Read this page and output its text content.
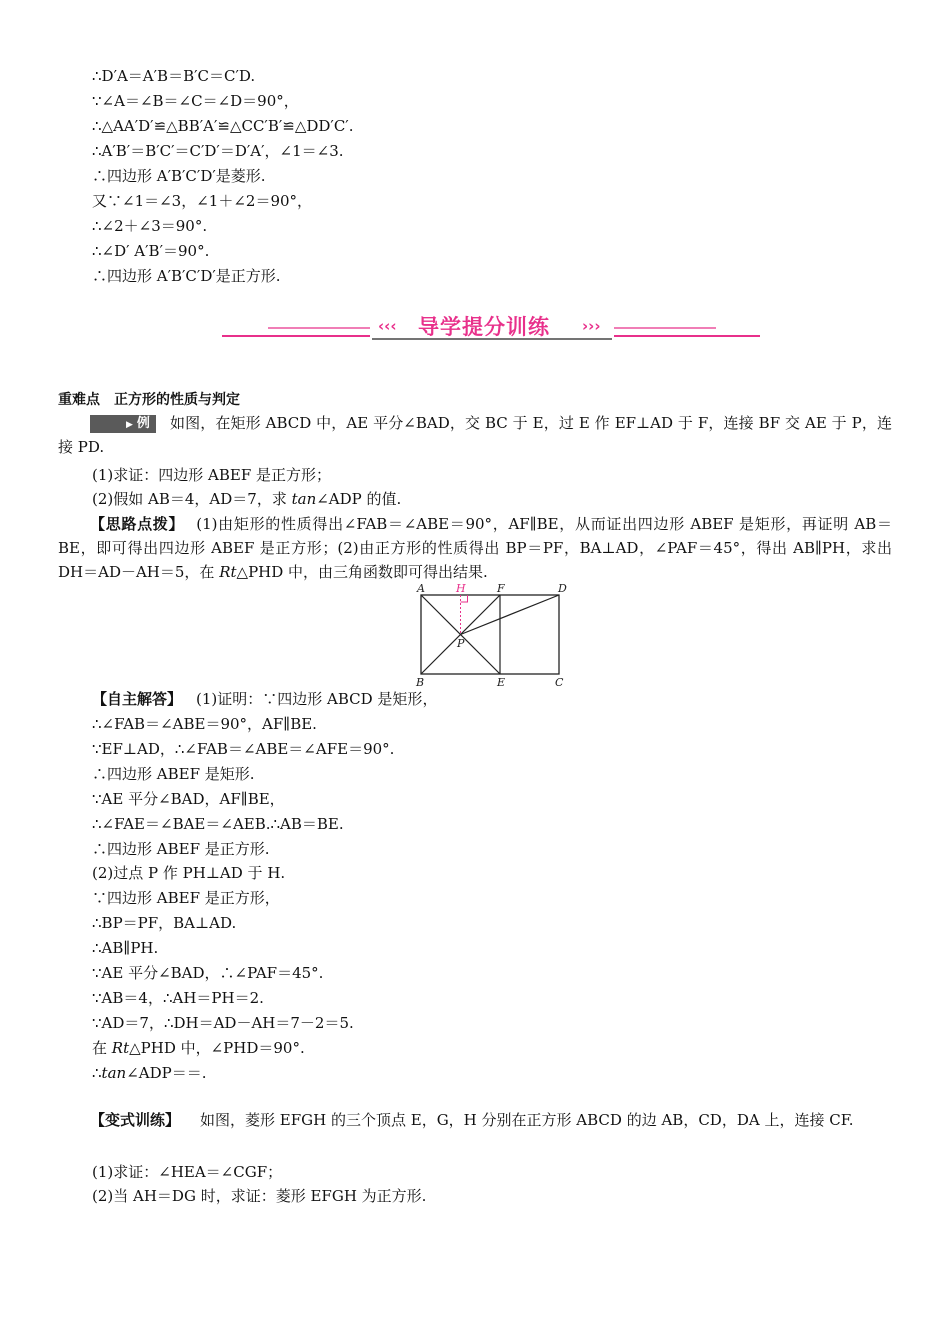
∴D′A＝A′B＝B′C＝C′D.
∵∠A＝∠B＝∠C＝∠D＝90°，
∴△AA′D′≌△BB′A′≌△CC′B′≌△DD′C′.
∴A′B′＝B′C′＝C′D′＝D′A′，∠1＝∠3.
∴四边形 A′B′C′D′是菱形.
又∵∠1＝∠3，∠1＋∠2＝90°，
∴∠2＋∠3＝90°.
∴∠D′ A′B′＝90°.
∴四边形 A′B′C′D′是正方形.
‹‹‹	›››
导学提分训练
重难点　正方形的性质与判定
▶ 例 如图，在矩形 ABCD 中，AE 平分∠BAD，交 BC 于 E，过 E 作 EF⊥AD 于 F，连接 BF 交 AE 于 P，连接 PD.
(1)求证：四边形 ABEF 是正方形；
(2)假如 AB＝4，AD＝7，求 tan∠ADP 的值.
【思路点拨】 (1)由矩形的性质得出∠FAB＝∠ABE＝90°，AF∥BE，从而证出四边形 ABEF 是矩形，再证明 AB＝BE，即可得出四边形 ABEF 是正方形；(2)由正方形的性质得出 BP＝PF，BA⊥AD，∠PAF＝45°，得出 AB∥PH，求出 DH＝AD－AH＝5，在 Rt△PHD 中，由三角函数即可得出结果.
A	H	F	D
P
B	E	C
【自主解答】 (1)证明：∵四边形 ABCD 是矩形，
∴∠FAB＝∠ABE＝90°，AF∥BE.
∵EF⊥AD，∴∠FAB＝∠ABE＝∠AFE＝90°.
∴四边形 ABEF 是矩形.
∵AE 平分∠BAD，AF∥BE，
∴∠FAE＝∠BAE＝∠AEB.∴AB＝BE.
∴四边形 ABEF 是正方形.
(2)过点 P 作 PH⊥AD 于 H.
∵四边形 ABEF 是正方形，
∴BP＝PF，BA⊥AD.
∴AB∥PH.
∵AE 平分∠BAD，∴∠PAF＝45°.
∵AB＝4，∴AH＝PH＝2.
∵AD＝7，∴DH＝AD－AH＝7－2＝5.
在 Rt△PHD 中，∠PHD＝90°.
∴tan∠ADP＝＝.
【变式训练】 如图，菱形 EFGH 的三个顶点 E，G，H 分别在正方形 ABCD 的边 AB，CD，DA 上，连接 CF.
(1)求证：∠HEA＝∠CGF；
(2)当 AH＝DG 时，求证：菱形 EFGH 为正方形.
